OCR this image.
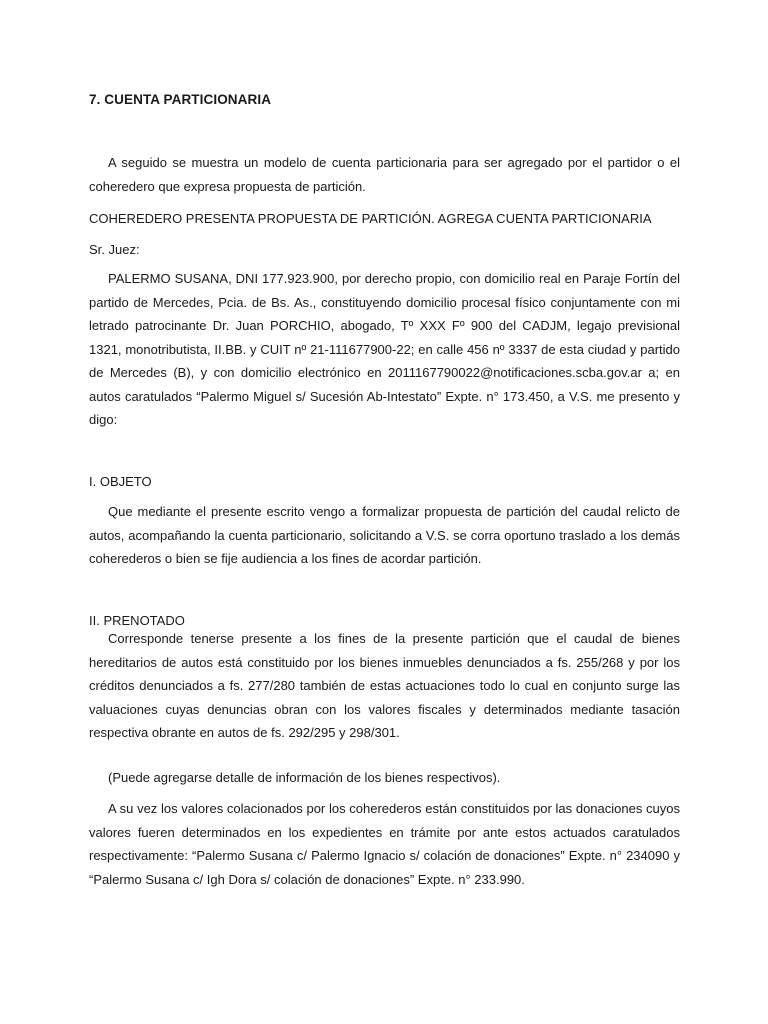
7. CUENTA PARTICIONARIA

A seguido se muestra un modelo de cuenta particionaria para ser agregado por el partidor o el coheredero que expresa propuesta de partición.

COHEREDERO PRESENTA PROPUESTA DE PARTICIÓN. AGREGA CUENTA PARTICIONARIA

Sr. Juez:

PALERMO SUSANA, DNI 177.923.900, por derecho propio, con domicilio real en Paraje Fortín del partido de Mercedes, Pcia. de Bs. As., constituyendo domicilio procesal físico conjuntamente con mi letrado patrocinante Dr. Juan PORCHIO, abogado, Tº XXX Fº 900 del CADJM, legajo previsional 1321, monotributista, II.BB. y CUIT nº 21-111677900-22; en calle 456 nº 3337 de esta ciudad y partido de Mercedes (B), y con domicilio electrónico en 2011167790022@notificaciones.scba.gov.ar a; en autos caratulados “Palermo Miguel s/ Sucesión Ab-Intestato” Expte. n° 173.450, a V.S. me presento y digo:

I. OBJETO

Que mediante el presente escrito vengo a formalizar propuesta de partición del caudal relicto de autos, acompañando la cuenta particionario, solicitando a V.S. se corra oportuno traslado a los demás coherederos o bien se fije audiencia a los fines de acordar partición.

II. PRENOTADO

Corresponde tenerse presente a los fines de la presente partición que el caudal de bienes hereditarios de autos está constituido por los bienes inmuebles denunciados a fs. 255/268 y por los créditos denunciados a fs. 277/280 también de estas actuaciones todo lo cual en conjunto surge las valuaciones cuyas denuncias obran con los valores fiscales y determinados mediante tasación respectiva obrante en autos de fs. 292/295 y 298/301.

(Puede agregarse detalle de información de los bienes respectivos).

A su vez los valores colacionados por los coherederos están constituidos por las donaciones cuyos valores fueren determinados en los expedientes en trámite por ante estos actuados caratulados respectivamente: “Palermo Susana c/ Palermo Ignacio s/ colación de donaciones” Expte. n° 234090 y “Palermo Susana c/ Igh Dora s/ colación de donaciones” Expte. n° 233.990.
